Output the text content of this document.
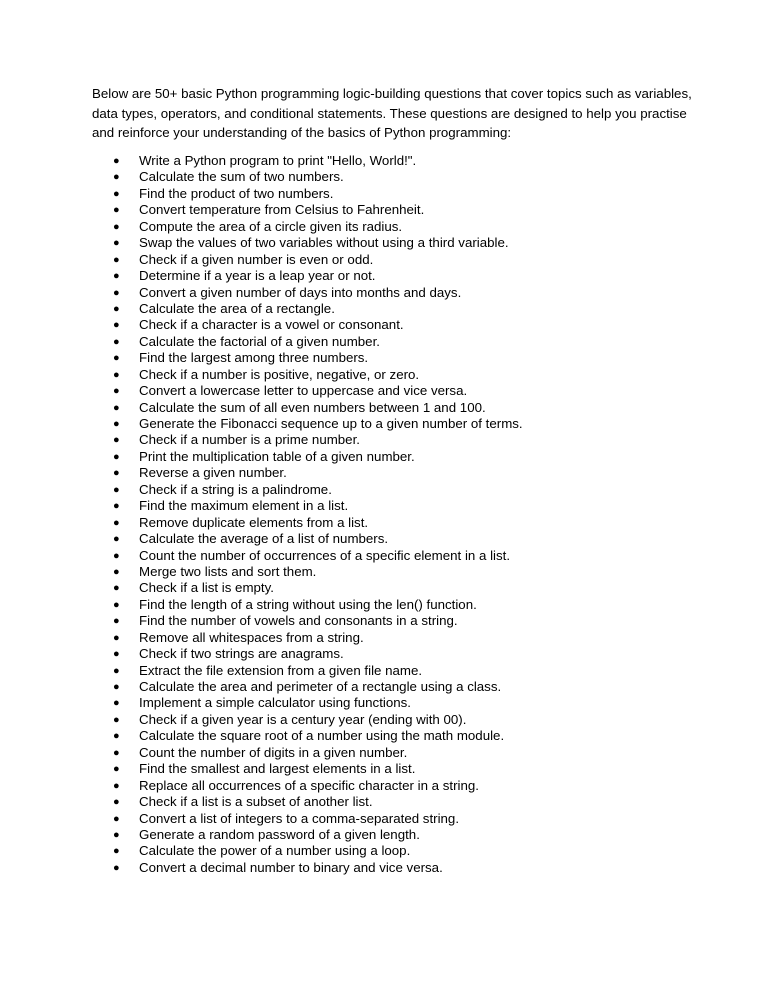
Below are 50+ basic Python programming logic-building questions that cover topics such as variables, data types, operators, and conditional statements. These questions are designed to help you practise and reinforce your understanding of the basics of Python programming:

● Write a Python program to print "Hello, World!".
● Calculate the sum of two numbers.
● Find the product of two numbers.
● Convert temperature from Celsius to Fahrenheit.
● Compute the area of a circle given its radius.
● Swap the values of two variables without using a third variable.
● Check if a given number is even or odd.
● Determine if a year is a leap year or not.
● Convert a given number of days into months and days.
● Calculate the area of a rectangle.
● Check if a character is a vowel or consonant.
● Calculate the factorial of a given number.
● Find the largest among three numbers.
● Check if a number is positive, negative, or zero.
● Convert a lowercase letter to uppercase and vice versa.
● Calculate the sum of all even numbers between 1 and 100.
● Generate the Fibonacci sequence up to a given number of terms.
● Check if a number is a prime number.
● Print the multiplication table of a given number.
● Reverse a given number.
● Check if a string is a palindrome.
● Find the maximum element in a list.
● Remove duplicate elements from a list.
● Calculate the average of a list of numbers.
● Count the number of occurrences of a specific element in a list.
● Merge two lists and sort them.
● Check if a list is empty.
● Find the length of a string without using the len() function.
● Find the number of vowels and consonants in a string.
● Remove all whitespaces from a string.
● Check if two strings are anagrams.
● Extract the file extension from a given file name.
● Calculate the area and perimeter of a rectangle using a class.
● Implement a simple calculator using functions.
● Check if a given year is a century year (ending with 00).
● Calculate the square root of a number using the math module.
● Count the number of digits in a given number.
● Find the smallest and largest elements in a list.
● Replace all occurrences of a specific character in a string.
● Check if a list is a subset of another list.
● Convert a list of integers to a comma-separated string.
● Generate a random password of a given length.
● Calculate the power of a number using a loop.
● Convert a decimal number to binary and vice versa.
